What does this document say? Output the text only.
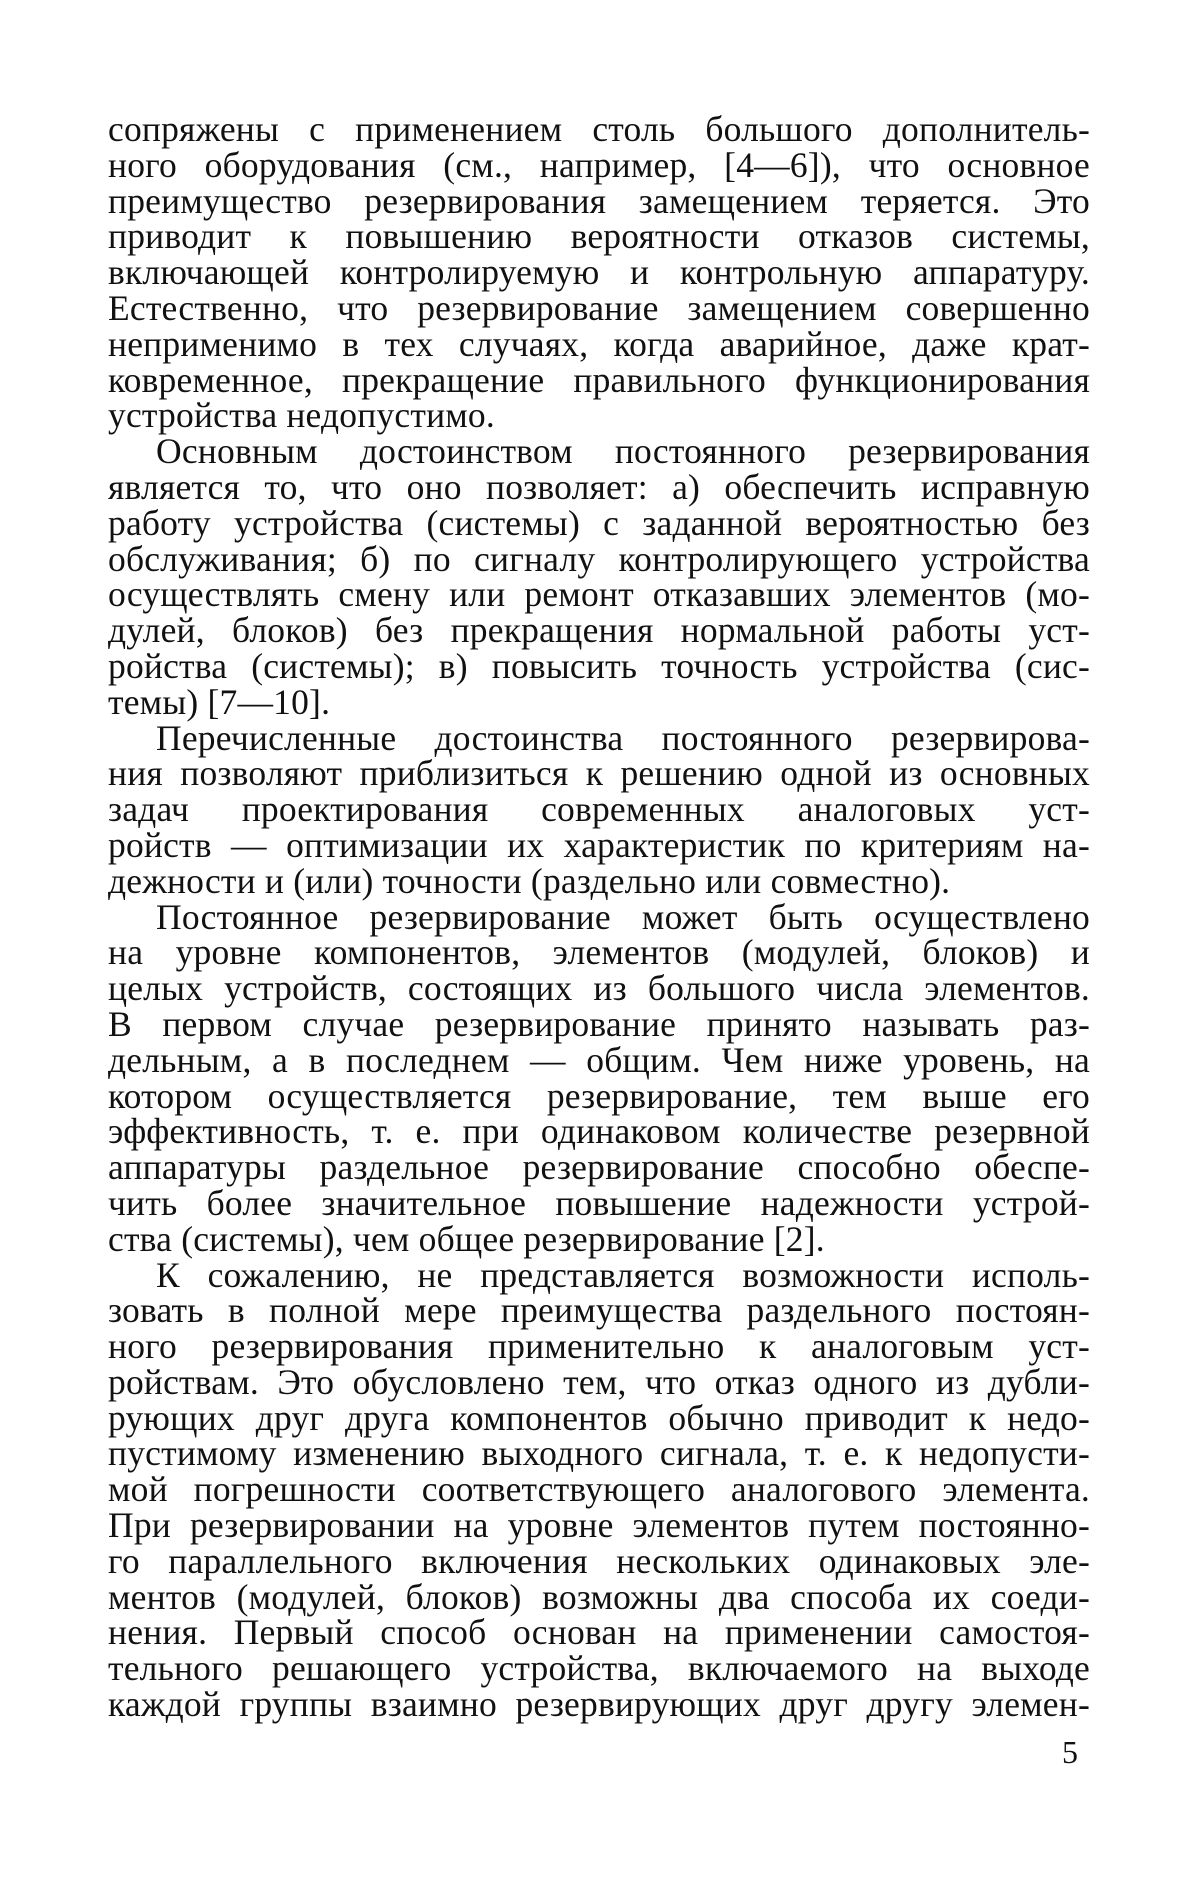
сопряжены с применением столь большого дополнитель-
ного оборудования (см., например, [4—6]), что основное
преимущество резервирования замещением теряется. Это
приводит к повышению вероятности отказов системы,
включающей контролируемую и контрольную аппаратуру.
Естественно, что резервирование замещением совершенно
неприменимо в тех случаях, когда аварийное, даже крат-
ковременное, прекращение правильного функционирования
устройства недопустимо.
Основным достоинством постоянного резервирования
является то, что оно позволяет: а) обеспечить исправную
работу устройства (системы) с заданной вероятностью без
обслуживания; б) по сигналу контролирующего устройства
осуществлять смену или ремонт отказавших элементов (мо-
дулей, блоков) без прекращения нормальной работы уст-
ройства (системы); в) повысить точность устройства (сис-
темы) [7—10].
Перечисленные достоинства постоянного резервирова-
ния позволяют приблизиться к решению одной из основных
задач проектирования современных аналоговых уст-
ройств — оптимизации их характеристик по критериям на-
дежности и (или) точности (раздельно или совместно).
Постоянное резервирование может быть осуществлено
на уровне компонентов, элементов (модулей, блоков) и
целых устройств, состоящих из большого числа элементов.
В первом случае резервирование принято называть раз-
дельным, а в последнем — общим. Чем ниже уровень, на
котором осуществляется резервирование, тем выше его
эффективность, т. е. при одинаковом количестве резервной
аппаратуры раздельное резервирование способно обеспе-
чить более значительное повышение надежности устрой-
ства (системы), чем общее резервирование [2].
К сожалению, не представляется возможности исполь-
зовать в полной мере преимущества раздельного постоян-
ного резервирования применительно к аналоговым уст-
ройствам. Это обусловлено тем, что отказ одного из дубли-
рующих друг друга компонентов обычно приводит к недо-
пустимому изменению выходного сигнала, т. е. к недопусти-
мой погрешности соответствующего аналогового элемента.
При резервировании на уровне элементов путем постоянно-
го параллельного включения нескольких одинаковых эле-
ментов (модулей, блоков) возможны два способа их соеди-
нения. Первый способ основан на применении самостоя-
тельного решающего устройства, включаемого на выходе
каждой группы взаимно резервирующих друг другу элемен-
5
